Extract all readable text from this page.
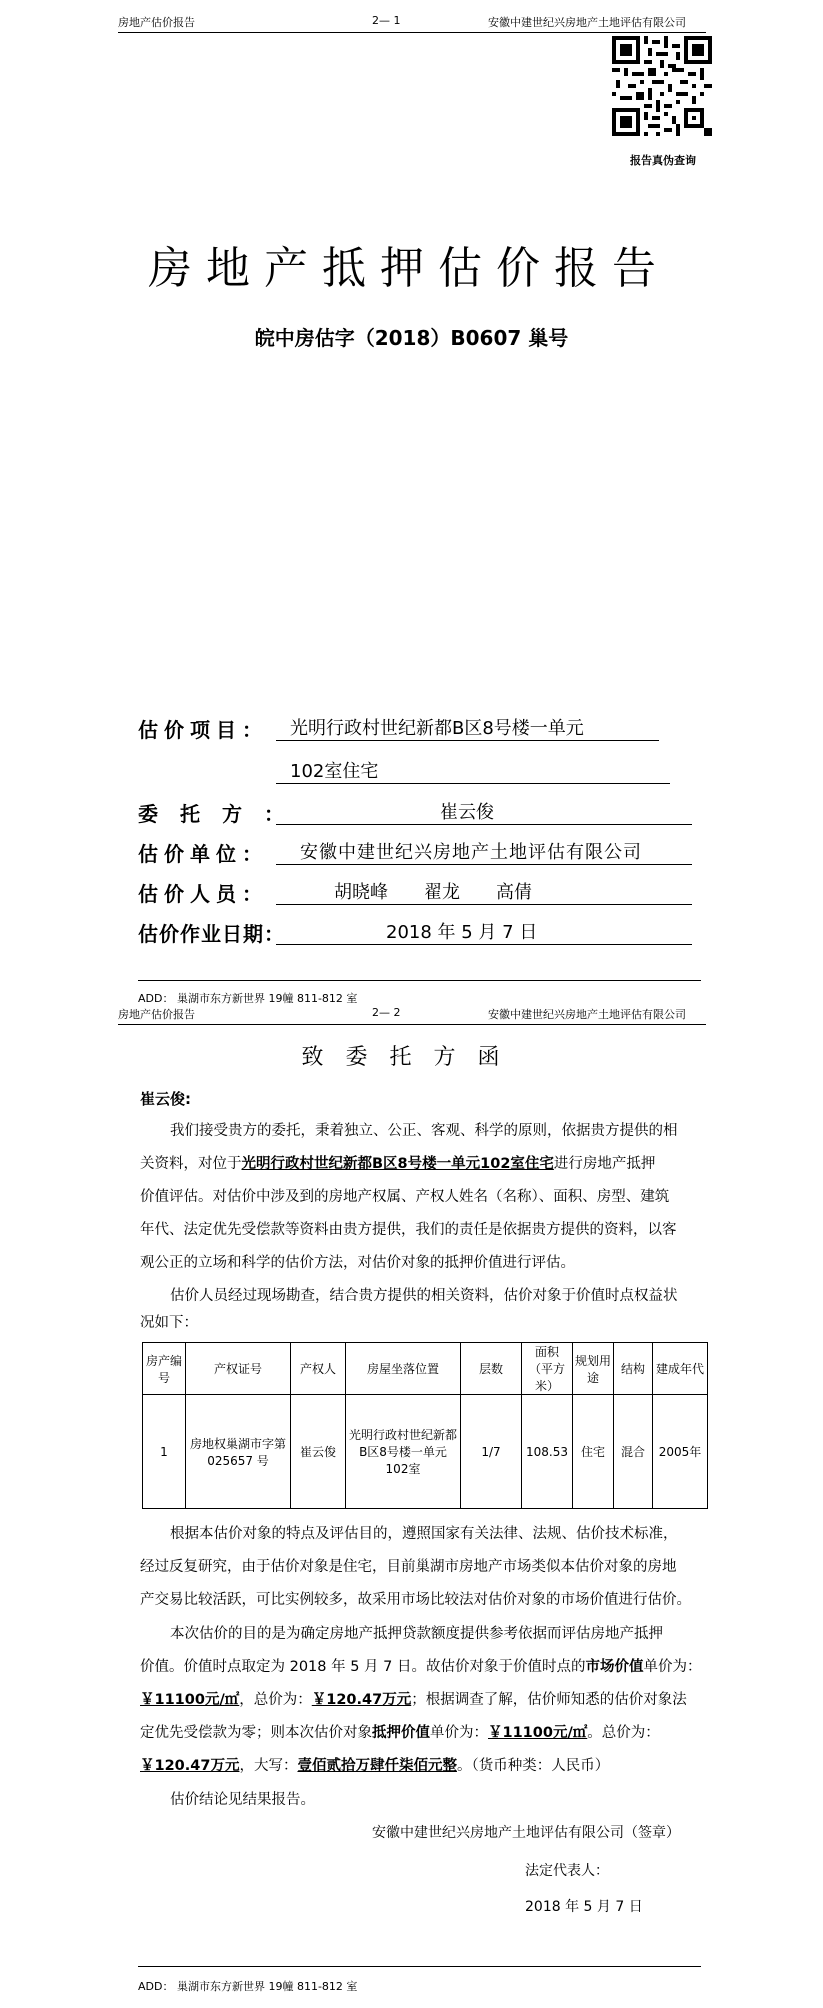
房地产估价报告	2— 1	安徽中建世纪兴房地产土地评估有限公司
报告真伪查询
房地产抵押估价报告
皖中房估字（2018）B0607 巢号
估价项目： 光明行政村世纪新都B区8号楼一单元
102室住宅
委托方：	崔云俊
估价单位： 安徽中建世纪兴房地产土地评估有限公司
估价人员：	胡晓峰　　翟龙　　高倩
估价作业日期：	2018 年 5 月 7 日
ADD： 巢湖市东方新世界 19幢 811-812 室
房地产估价报告	2— 2	安徽中建世纪兴房地产土地评估有限公司
致委托方函
崔云俊:
我们接受贵方的委托，秉着独立、公正、客观、科学的原则，依据贵方提供的相
关资料，对位于光明行政村世纪新都B区8号楼一单元102室住宅进行房地产抵押
价值评估。对估价中涉及到的房地产权属、产权人姓名（名称）、面积、房型、建筑
年代、法定优先受偿款等资料由贵方提供，我们的责任是依据贵方提供的资料，以客
观公正的立场和科学的估价方法，对估价对象的抵押价值进行评估。
估价人员经过现场勘查，结合贵方提供的相关资料，估价对象于价值时点权益状
况如下：
房产编号	产权证号	产权人	房屋坐落位置	层数	面积（平方米）	规划用途	结构	建成年代
1	房地权巢湖市字第 025657 号	崔云俊	光明行政村世纪新都B区8号楼一单元102室	1/7	108.53	住宅	混合	2005年
根据本估价对象的特点及评估目的，遵照国家有关法律、法规、估价技术标准，
经过反复研究，由于估价对象是住宅，目前巢湖市房地产市场类似本估价对象的房地
产交易比较活跃，可比实例较多，故采用市场比较法对估价对象的市场价值进行估价。
本次估价的目的是为确定房地产抵押贷款额度提供参考依据而评估房地产抵押
价值。价值时点取定为 2018 年 5 月 7 日。故估价对象于价值时点的市场价值单价为：
￥11100元/㎡，总价为：￥120.47万元；根据调查了解，估价师知悉的估价对象法
定优先受偿款为零；则本次估价对象抵押价值单价为：￥11100元/㎡。总价为：
￥120.47万元，大写：壹佰贰拾万肆仟柒佰元整。（货币种类：人民币）
估价结论见结果报告。
安徽中建世纪兴房地产土地评估有限公司（签章）
法定代表人：
2018 年 5 月 7 日
ADD： 巢湖市东方新世界 19幢 811-812 室
